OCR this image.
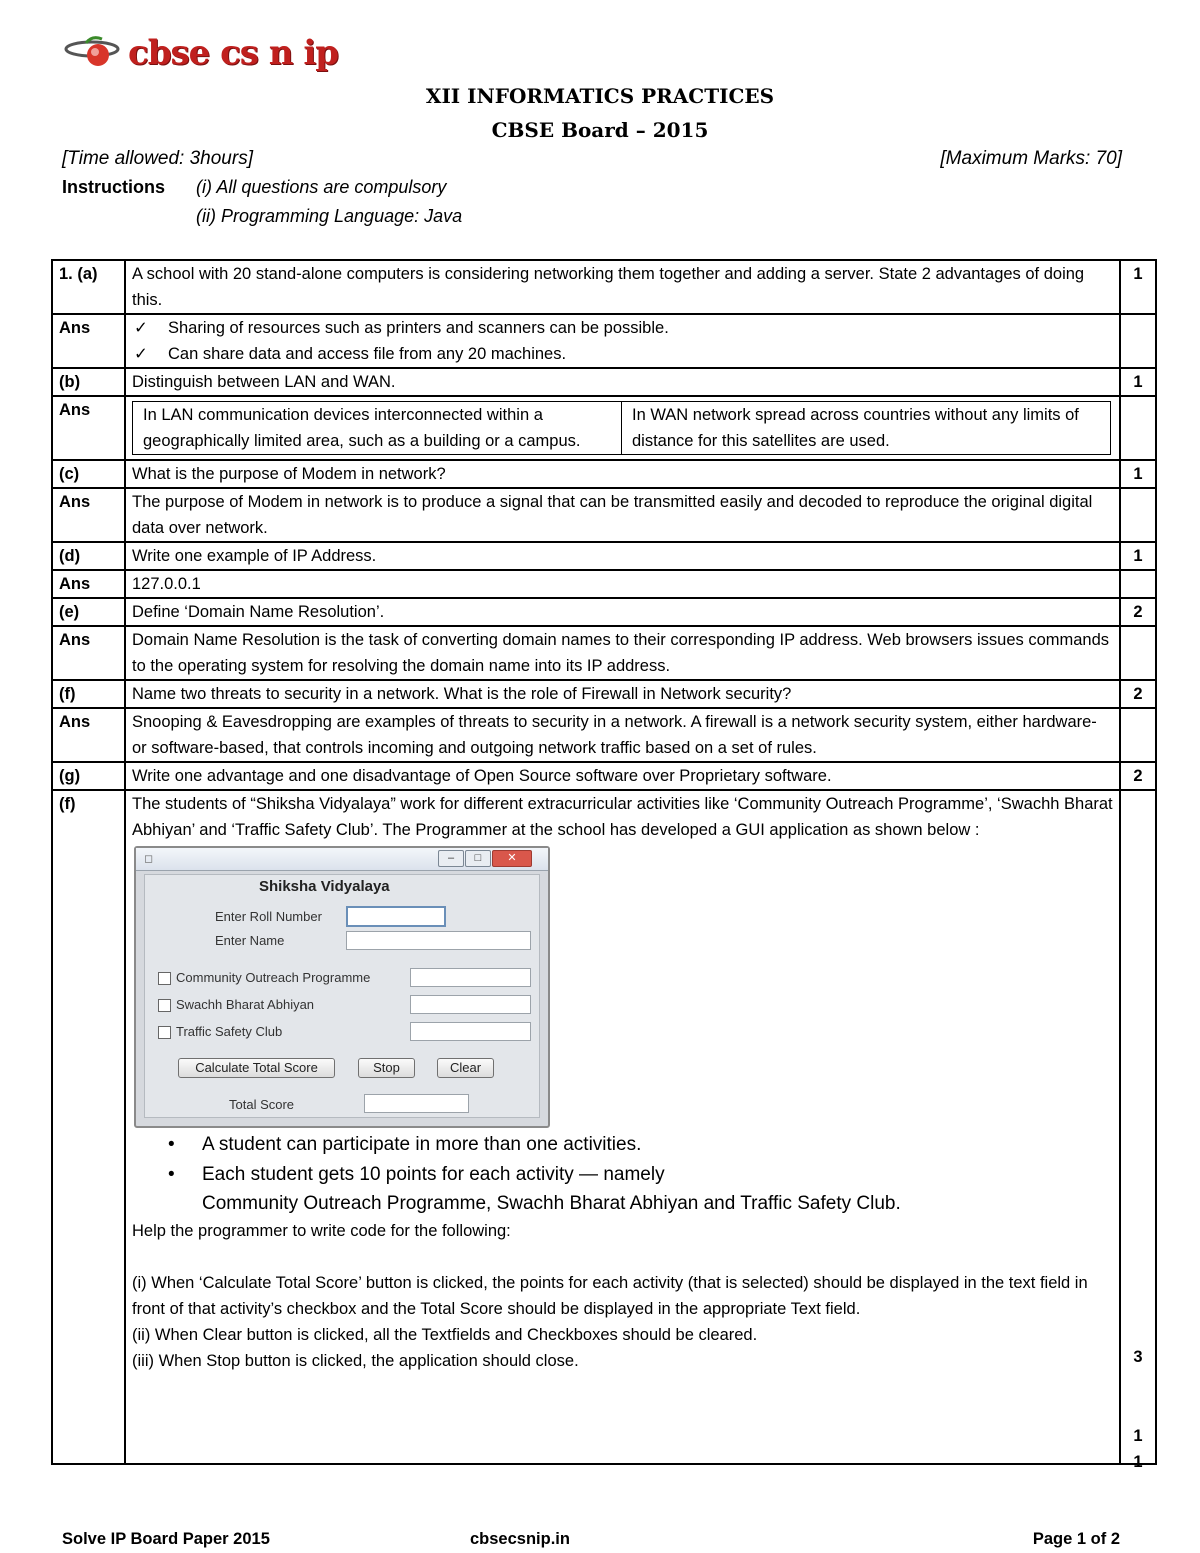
cbse cs n ip
XII INFORMATICS PRACTICES
CBSE Board – 2015
[Time allowed: 3hours]	[Maximum Marks: 70]
Instructions (i) All questions are compulsory
(ii) Programming Language: Java
1. (a)	A school with 20 stand-alone computers is considering networking them together and adding a server. State 2 advantages of doing this.	1
Ans	
✓Sharing of resources such as printers and scanners can be possible.
✓ Can share data and access file from any 20 machines.

(b)	Distinguish between LAN and WAN.	1
Ans		In LAN communication devices interconnected within a geographically limited area, such as a building or a campus.	In WAN network spread across countries without any limits of distance for this satellites are used.

(c)	What is the purpose of Modem in network?	1
Ans	The purpose of Modem in network is to produce a signal that can be transmitted easily and decoded to reproduce the original digital data over network.	
(d)	Write one example of IP Address.	1
Ans	127.0.0.1	
(e)	Define ‘Domain Name Resolution’.	2
Ans	Domain Name Resolution is the task of converting domain names to their corresponding IP address. Web browsers issues commands to the operating system for resolving the domain name into its IP address.	
(f)	Name two threats to security in a network. What is the role of Firewall in Network security?	2
Ans	Snooping & Eavesdropping are examples of threats to security in a network. A firewall is a network security system, either hardware- or software-based, that controls incoming and outgoing network traffic based on a set of rules.	
(g)	Write one advantage and one disadvantage of Open Source software over Proprietary software.	2
(f)	The students of “Shiksha Vidyalaya” work for different extracurricular activities like ‘Community Outreach Programme’, ‘Swachh Bharat Abhiyan’ and ‘Traffic Safety Club’. The Programmer at the school has developed a GUI application as shown below :
◻	–	□	✕
Shiksha Vidyalaya
Enter Roll Number
Enter Name
Community Outreach Programme
Swachh Bharat Abhiyan
Traffic Safety Club
Calculate Total Score	Stop	Clear
Total Score
• A student can participate in more than one activities.
• Each student gets 10 points for each activity — namely
Community Outreach Programme, Swachh Bharat Abhiyan and Traffic Safety Club.
Help the programmer to write code for the following:
(i) When ‘Calculate Total Score’ button is clicked, the points for each activity (that is selected) should be displayed in the text field in front of that activity’s checkbox and the Total Score should be displayed in the appropriate Text field.
(ii) When Clear button is clicked, all the Textfields and Checkboxes should be cleared.
(iii) When Stop button is clicked, the application should close.	3
1
1
Solve IP Board Paper 2015	cbsecsnip.in	Page 1 of 2
